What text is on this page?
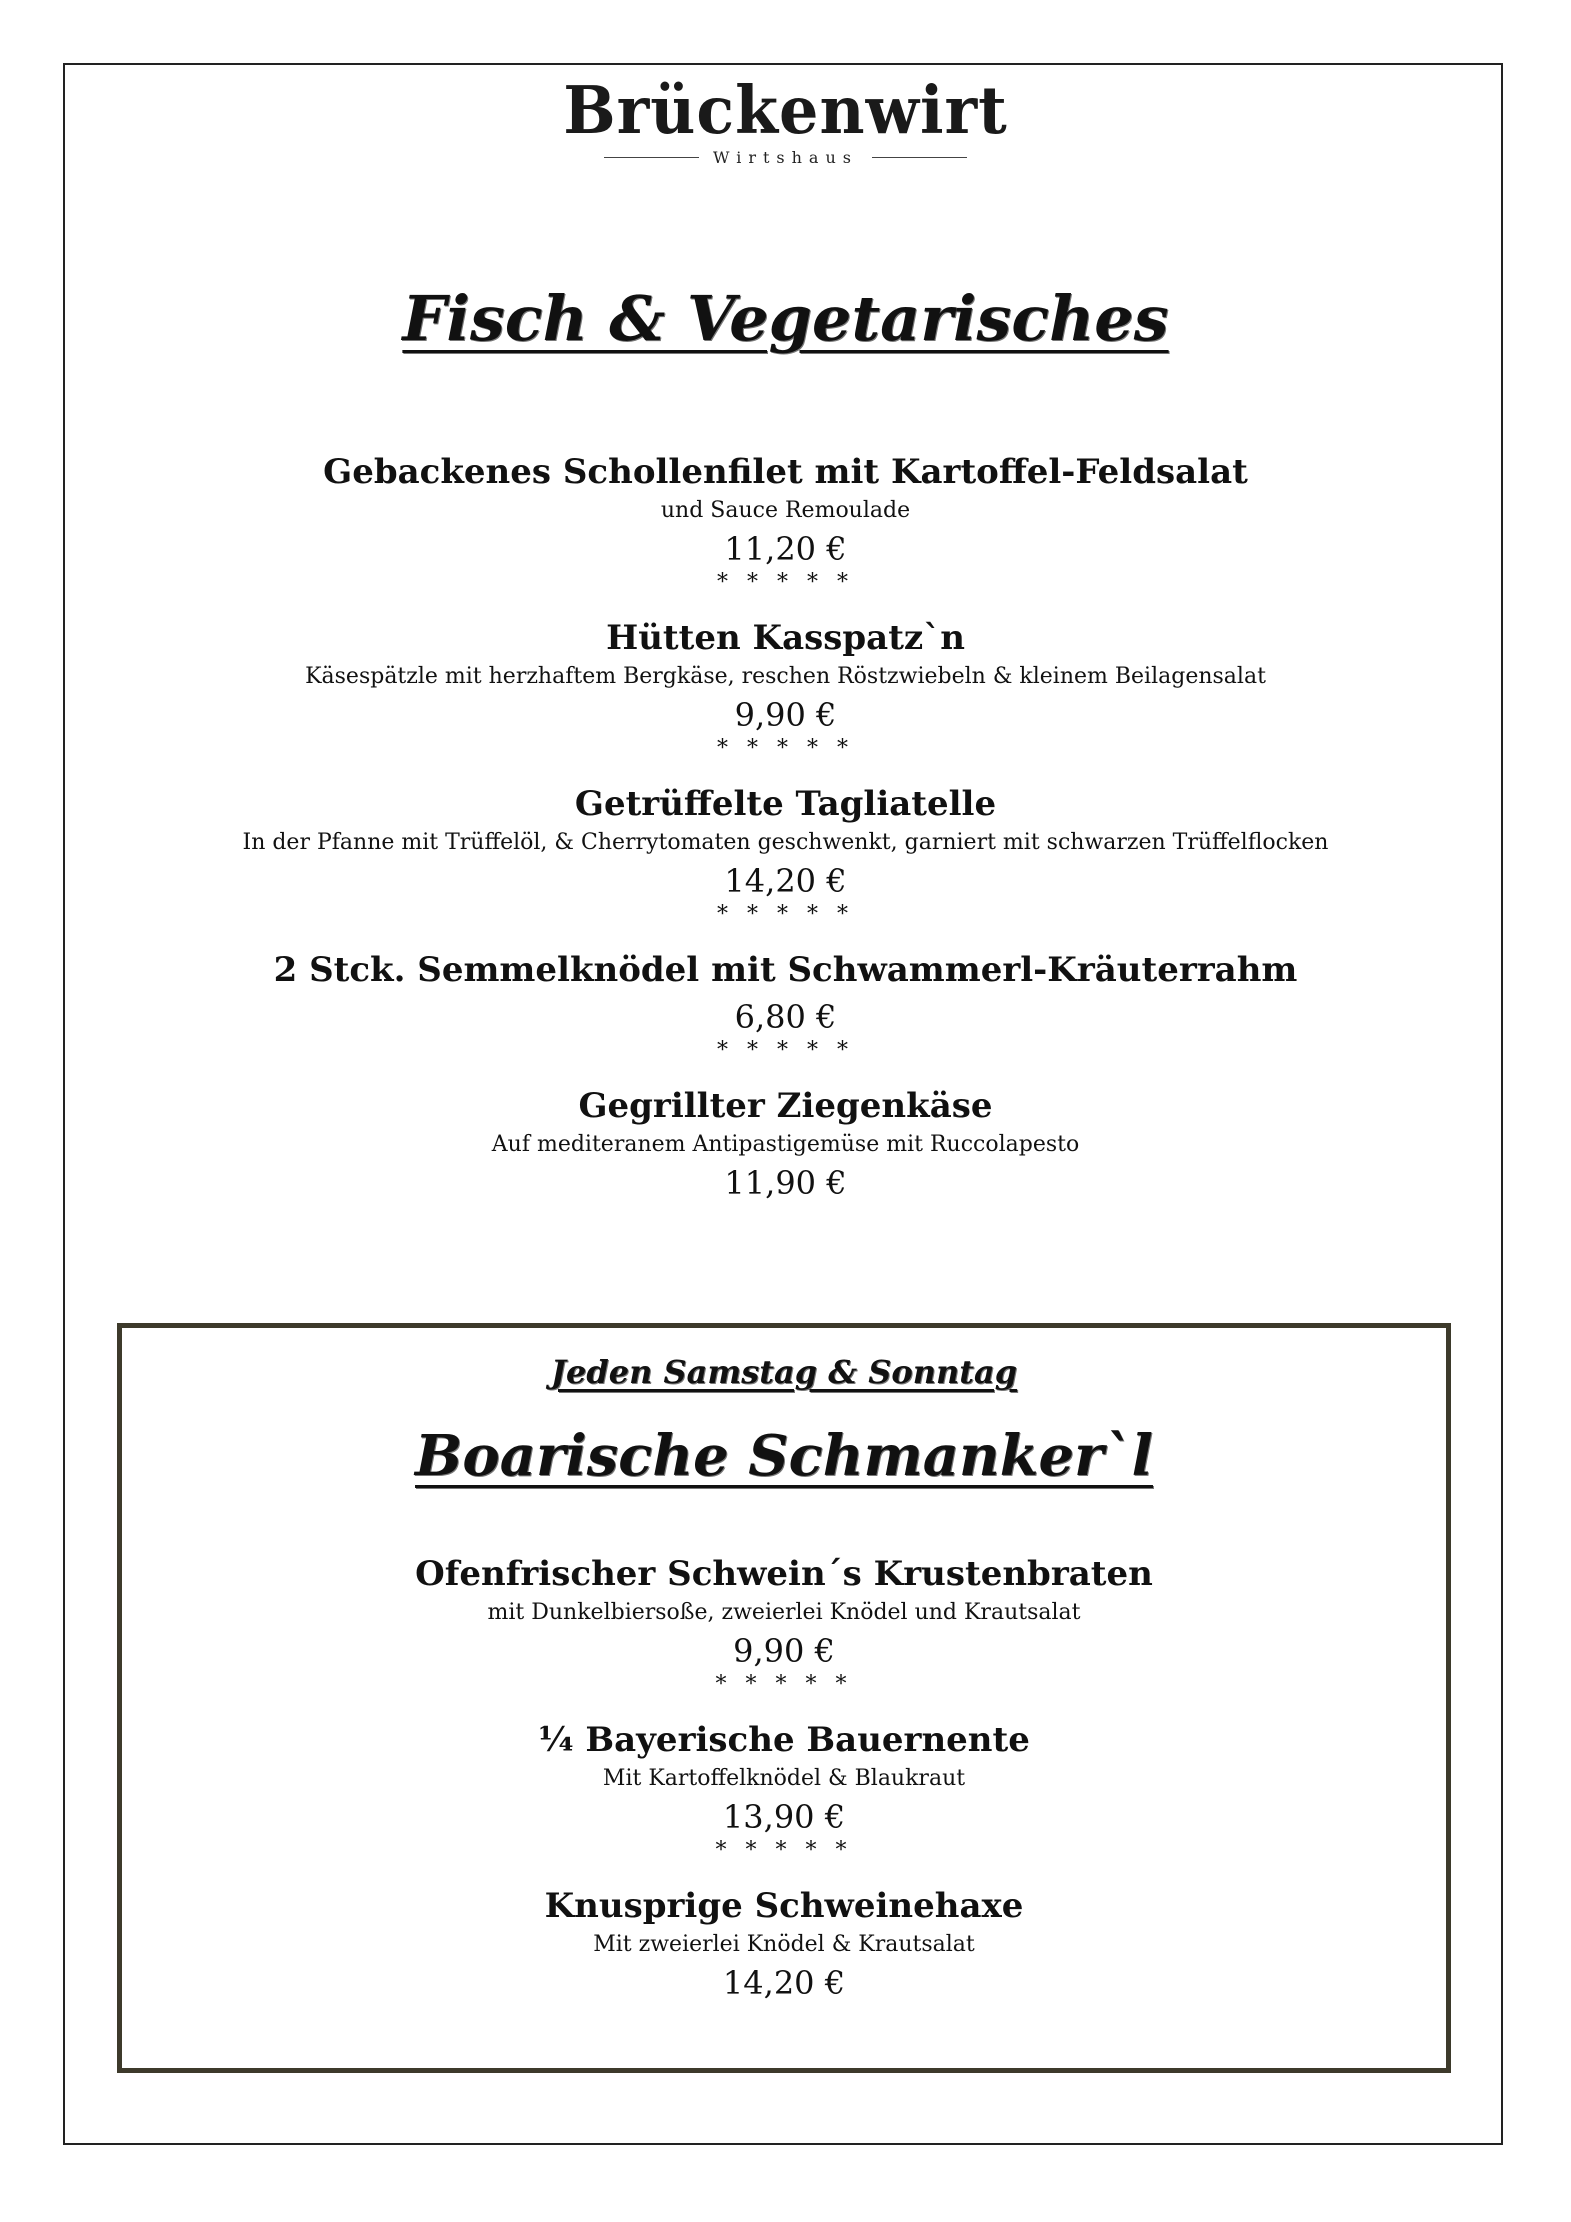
Brückenwirt
Wirtshaus
Fisch & Vegetarisches
Gebackenes Schollenfilet mit Kartoffel-Feldsalat
und Sauce Remoulade
11,20 €
* * * * *
Hütten Kasspatz`n
Käsespätzle mit herzhaftem Bergkäse, reschen Röstzwiebeln & kleinem Beilagensalat
9,90 €
* * * * *
Getrüffelte Tagliatelle
In der Pfanne mit Trüffelöl, & Cherrytomaten geschwenkt, garniert mit schwarzen Trüffelflocken
14,20 €
* * * * *
2 Stck. Semmelknödel mit Schwammerl-Kräuterrahm
6,80 €
* * * * *
Gegrillter Ziegenkäse
Auf mediteranem Antipastigemüse mit Ruccolapesto
11,90 €
Jeden Samstag & Sonntag
Boarische Schmanker`l
Ofenfrischer Schwein´s Krustenbraten
mit Dunkelbiersoße, zweierlei Knödel und Krautsalat
9,90 €
* * * * *
¼ Bayerische Bauernente
Mit Kartoffelknödel & Blaukraut
13,90 €
* * * * *
Knusprige Schweinehaxe
Mit zweierlei Knödel & Krautsalat
14,20 €
